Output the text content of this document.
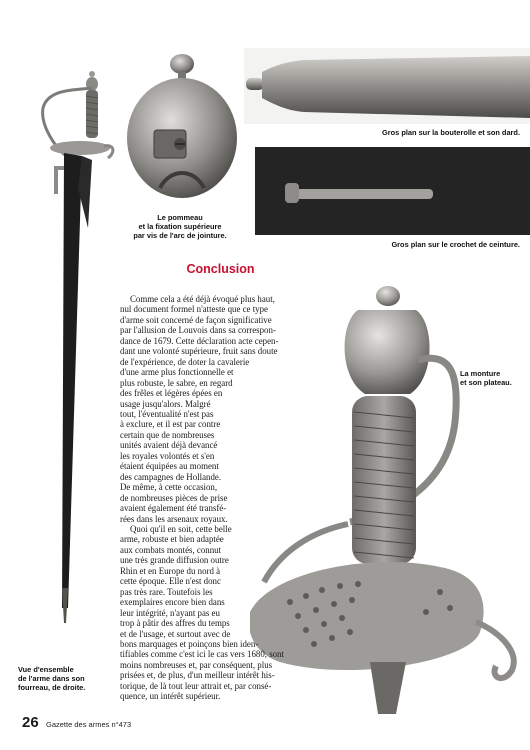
Le pommeau
et la fixation supérieure
par vis de l'arc de jointure.
Gros plan sur la bouterolle et son dard.
Gros plan sur le crochet de ceinture.
Conclusion
La monture
et son plateau.
Comme cela a été déjà évoqué plus haut,
nul document formel n'atteste que ce type
d'arme soit concerné de façon significative
par l'allusion de Louvois dans sa correspon-
dance de 1679. Cette déclaration acte cepen-
dant une volonté supérieure, fruit sans doute
de l'expérience, de doter la cavalerie
d'une arme plus fonctionnelle et
plus robuste, le sabre, en regard
des frêles et légères épées en
usage jusqu'alors. Malgré
tout, l'éventualité n'est pas
à exclure, et il est par contre
certain que de nombreuses
unités avaient déjà devancé
les royales volontés et s'en
étaient équipées au moment
des campagnes de Hollande.
De même, à cette occasion,
de nombreuses pièces de prise
avaient également été transfé-
rées dans les arsenaux royaux.
Quoi qu'il en soit, cette belle
arme, robuste et bien adaptée
aux combats montés, connut
une très grande diffusion outre
Rhin et en Europe du nord à
cette époque. Elle n'est donc
pas très rare. Toutefois les
exemplaires encore bien dans
leur intégrité, n'ayant pas eu
trop à pâtir des affres du temps
et de l'usage, et surtout avec de
bons marquages et poinçons bien iden-
tifiables comme c'est ici le cas vers 1680, sont
moins nombreuses et, par conséquent, plus
prisées et, de plus, d'un meilleur intérêt his-
torique, de là tout leur attrait et, par consé-
quence, un intérêt supérieur.
Vue d'ensemble
de l'arme dans son
fourreau, de droite.
26 Gazette des armes n°473
